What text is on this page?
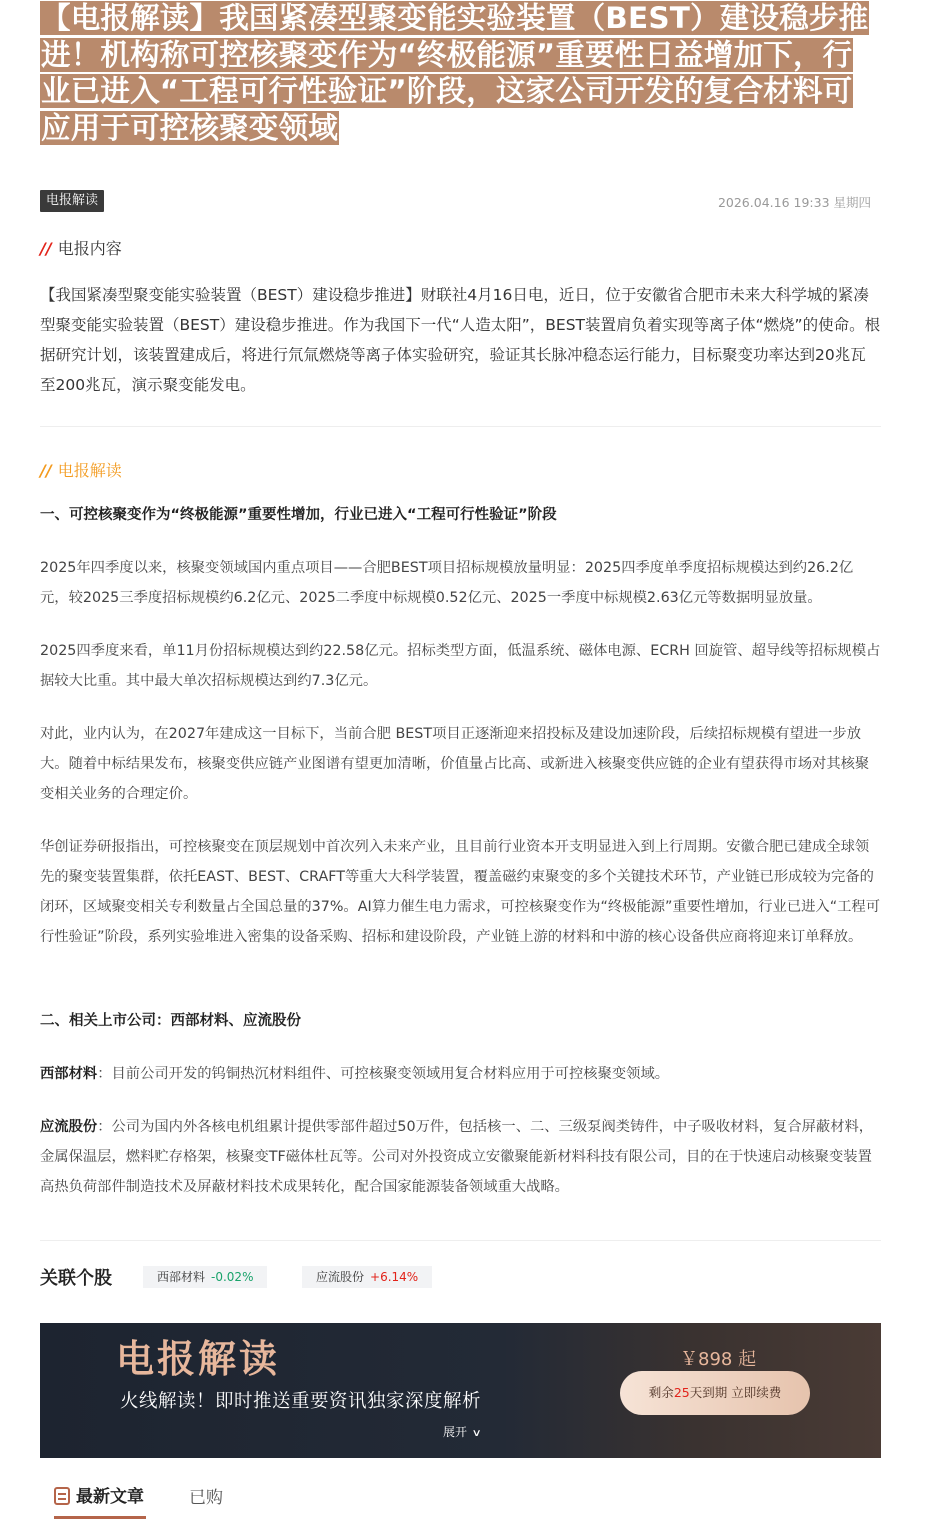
【电报解读】我国紧凑型聚变能实验装置（BEST）建设稳步推进！机构称可控核聚变作为“终极能源”重要性日益增加下，行业已进入“工程可行性验证”阶段，这家公司开发的复合材料可应用于可控核聚变领域
电报解读	2026.04.16 19:33 星期四
// 电报内容

【我国紧凑型聚变能实验装置（BEST）建设稳步推进】财联社4月16日电，近日，位于安徽省合肥市未来大科学城的紧凑型聚变能实验装置（BEST）建设稳步推进。作为我国下一代“人造太阳”，BEST装置肩负着实现等离子体“燃烧”的使命。根据研究计划，该装置建成后，将进行氘氚燃烧等离子体实验研究，验证其长脉冲稳态运行能力，目标聚变功率达到20兆瓦至200兆瓦，演示聚变能发电。

// 电报解读

一、可控核聚变作为“终极能源”重要性增加，行业已进入“工程可行性验证”阶段

2025年四季度以来，核聚变领域国内重点项目——合肥BEST项目招标规模放量明显：2025四季度单季度招标规模达到约26.2亿元，较2025三季度招标规模约6.2亿元、2025二季度中标规模0.52亿元、2025一季度中标规模2.63亿元等数据明显放量。

2025四季度来看，单11月份招标规模达到约22.58亿元。招标类型方面，低温系统、磁体电源、ECRH 回旋管、超导线等招标规模占据较大比重。其中最大单次招标规模达到约7.3亿元。

对此，业内认为，在2027年建成这一目标下，当前合肥 BEST项目正逐渐迎来招投标及建设加速阶段，后续招标规模有望进一步放大。随着中标结果发布，核聚变供应链产业图谱有望更加清晰，价值量占比高、或新进入核聚变供应链的企业有望获得市场对其核聚变相关业务的合理定价。

华创证券研报指出，可控核聚变在顶层规划中首次列入未来产业，且目前行业资本开支明显进入到上行周期。安徽合肥已建成全球领先的聚变装置集群，依托EAST、BEST、CRAFT等重大大科学装置，覆盖磁约束聚变的多个关键技术环节，产业链已形成较为完备的闭环，区域聚变相关专利数量占全国总量的37%。AI算力催生电力需求，可控核聚变作为“终极能源”重要性增加，行业已进入“工程可行性验证”阶段，系列实验堆进入密集的设备采购、招标和建设阶段，产业链上游的材料和中游的核心设备供应商将迎来订单释放。

二、相关上市公司：西部材料、应流股份

西部材料：目前公司开发的钨铜热沉材料组件、可控核聚变领域用复合材料应用于可控核聚变领域。

应流股份：公司为国内外各核电机组累计提供零部件超过50万件，包括核一、二、三级泵阀类铸件，中子吸收材料，复合屏蔽材料，金属保温层，燃料贮存格架，核聚变TF磁体杜瓦等。公司对外投资成立安徽聚能新材料科技有限公司，目的在于快速启动核聚变装置高热负荷部件制造技术及屏蔽材料技术成果转化，配合国家能源装备领域重大战略。

关联个股	西部材料 -0.02%	应流股份 +6.14%
电报解读
火线解读！即时推送重要资讯独家深度解析
￥898 起
剩余25天到期 立即续费
展开 ∨
最新文章	已购
